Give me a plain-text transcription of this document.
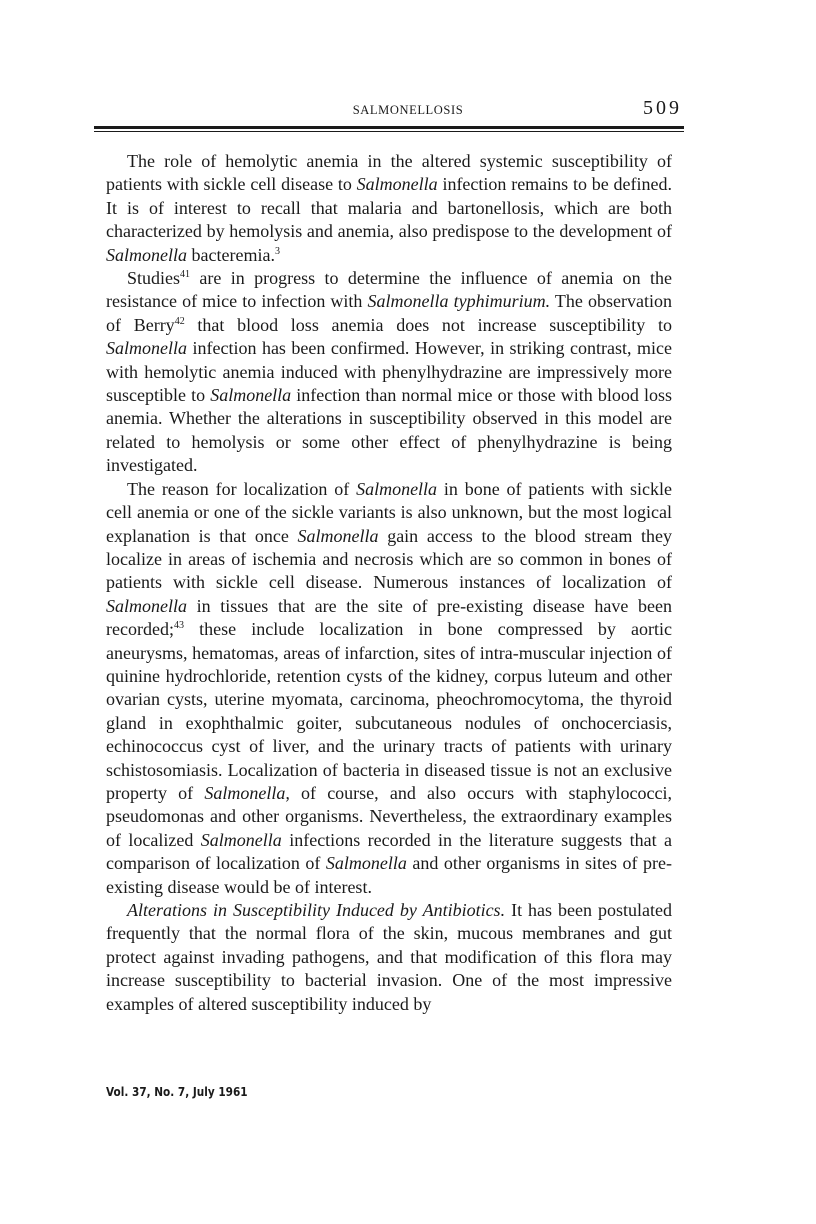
SALMONELLOSIS	509

The role of hemolytic anemia in the altered systemic susceptibility of patients with sickle cell disease to Salmonella infection remains to be defined. It is of interest to recall that malaria and bartonellosis, which are both characterized by hemolysis and anemia, also predispose to the development of Salmonella bacteremia.$^3$

Studies$^{41}$ are in progress to determine the influence of anemia on the resistance of mice to infection with Salmonella typhimurium. The observation of Berry$^{42}$ that blood loss anemia does not increase susceptibility to Salmonella infection has been confirmed. However, in striking contrast, mice with hemolytic anemia induced with phenylhydrazine are impressively more susceptible to Salmonella infection than normal mice or those with blood loss anemia. Whether the alterations in susceptibility observed in this model are related to hemolysis or some other effect of phenylhydrazine is being investigated.

The reason for localization of Salmonella in bone of patients with sickle cell anemia or one of the sickle variants is also unknown, but the most logical explanation is that once Salmonella gain access to the blood stream they localize in areas of ischemia and necrosis which are so common in bones of patients with sickle cell disease. Numerous instances of localization of Salmonella in tissues that are the site of pre-existing disease have been recorded;$^{43}$ these include localization in bone compressed by aortic aneurysms, hematomas, areas of infarction, sites of intra-muscular injection of quinine hydrochloride, retention cysts of the kidney, corpus luteum and other ovarian cysts, uterine myomata, carcinoma, pheochromocytoma, the thyroid gland in exophthalmic goiter, subcutaneous nodules of onchocerciasis, echinococcus cyst of liver, and the urinary tracts of patients with urinary schistosomiasis. Localization of bacteria in diseased tissue is not an exclusive property of Salmonella, of course, and also occurs with staphylococci, pseudomonas and other organisms. Nevertheless, the extraordinary examples of localized Salmonella infections recorded in the literature suggests that a comparison of localization of Salmonella and other organisms in sites of pre-existing disease would be of interest.

Alterations in Susceptibility Induced by Antibiotics. It has been postulated frequently that the normal flora of the skin, mucous membranes and gut protect against invading pathogens, and that modification of this flora may increase susceptibility to bacterial invasion. One of the most impressive examples of altered susceptibility induced by

Vol. 37, No. 7, July 1961
